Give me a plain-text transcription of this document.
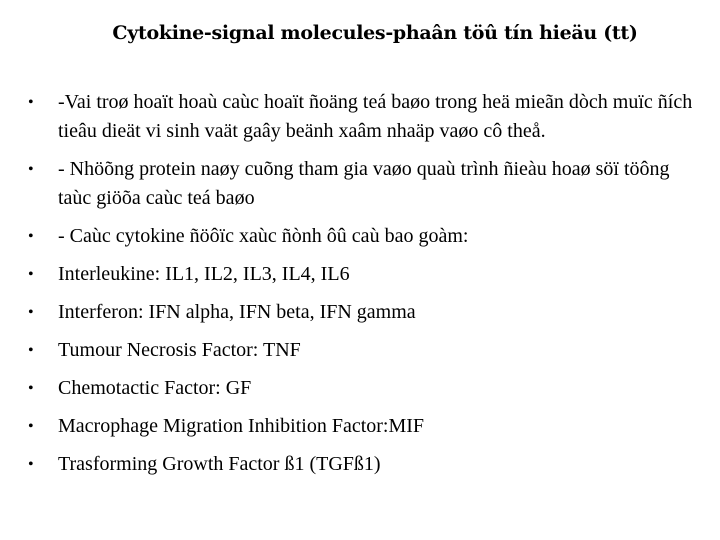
Cytokine-signal molecules-phaân töû tín hieäu (tt)
• -Vai troø hoaït hoaù caùc hoaït ñoäng teá baøo trong heä mieãn dòch muïc ñích tieâu dieät vi sinh vaät gaây beänh xaâm nhaäp vaøo cô theå.
• - Nhöõng protein naøy cuõng tham gia vaøo quaù trình ñieàu hoaø söï töông taùc giöõa caùc teá baøo
• - Caùc cytokine ñöôïc xaùc ñònh ôû caù bao goàm:
• Interleukine: IL1, IL2, IL3, IL4, IL6
• Interferon: IFN alpha, IFN beta, IFN gamma
• Tumour Necrosis Factor: TNF
• Chemotactic Factor: GF
• Macrophage Migration Inhibition Factor:MIF
• Trasforming Growth Factor ß1 (TGFß1)
